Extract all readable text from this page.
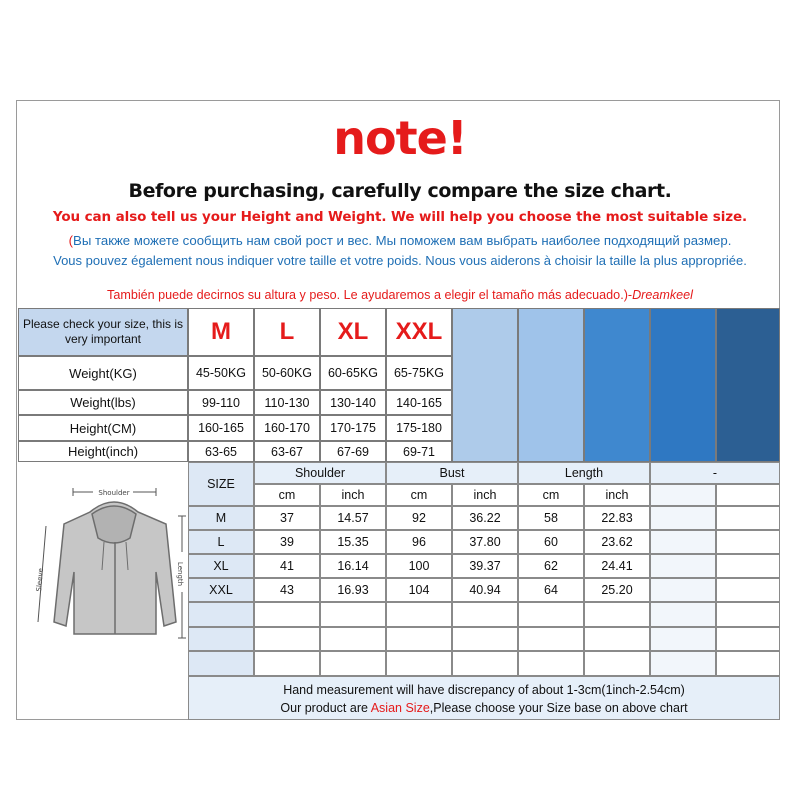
note!
Before purchasing, carefully compare the size chart.
You can also tell us your Height and Weight. We will help you choose the most suitable size.
(Вы также можете сообщить нам свой рост и вес. Мы поможем вам выбрать наиболее подходящий размер.
Vous pouvez également nous indiquer votre taille et votre poids. Nous vous aiderons à choisir la taille la plus appropriée.
También puede decirnos su altura y peso. Le ayudaremos a elegir el tamaño más adecuado.)-Dreamkeel
Please check your size, this is very important	M	L	XL	XXL
Weight(KG)	45-50KG	50-60KG	60-65KG	65-75KG
Weight(lbs)	99-110	110-130	130-140	140-165
Height(CM)	160-165	160-170	170-175	175-180
Height(inch)	63-65	63-67	67-69	69-71
Shoulder
Sleeve	Length
SIZE
Shoulder	Bust	Length	-
cm	inch	cm	inch	cm	inch
M	37	14.57	92	36.22	58	22.83
L	39	15.35	96	37.80	60	23.62
XL	41	16.14	100	39.37	62	24.41
XXL	43	16.93	104	40.94	64	25.20
Hand measurement will have discrepancy of about 1-3cm(1inch-2.54cm)
Our product are Asian Size,Please choose your Size base on above chart
